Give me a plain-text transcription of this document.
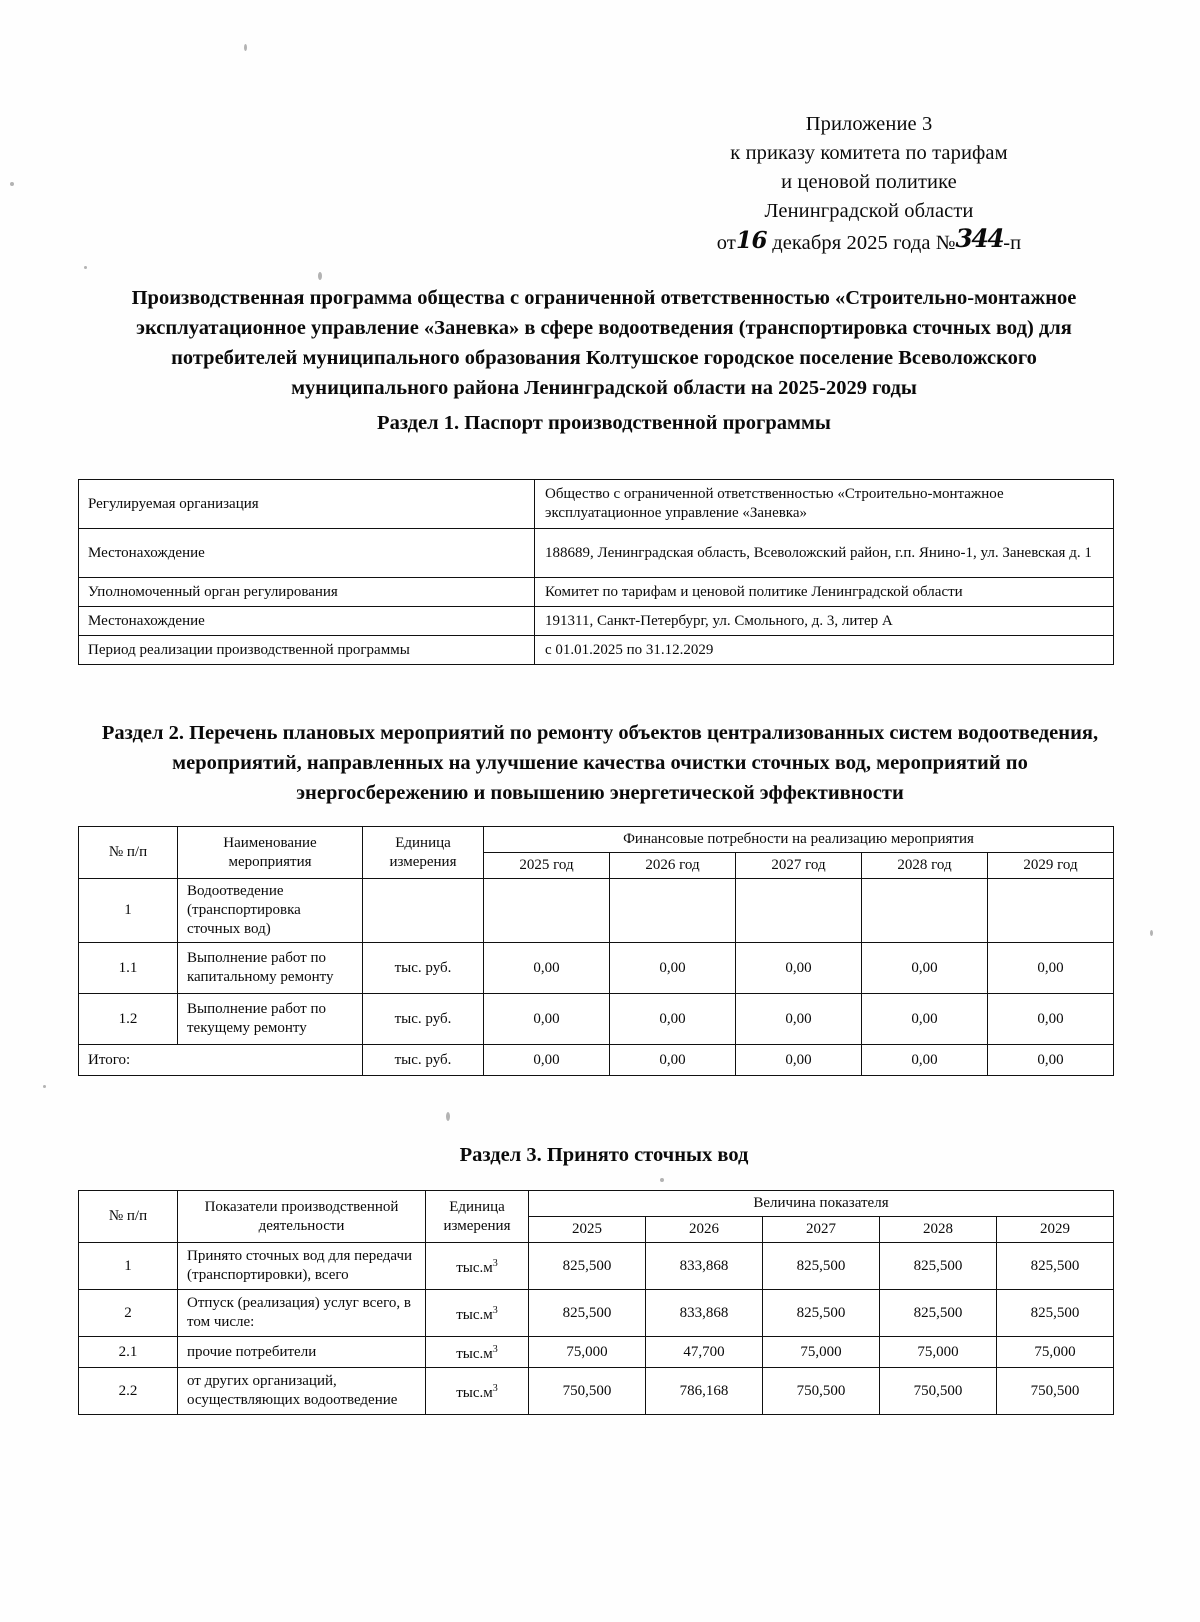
Приложение 3
к приказу комитета по тарифам
и ценовой политике
Ленинградской области
от16 декабря 2025 года №344-п
Производственная программа общества с ограниченной ответственностью «Строительно-монтажное эксплуатационное управление «Заневка» в сфере водоотведения (транспортировка сточных вод) для потребителей муниципального образования Колтушское городское поселение Всеволожского муниципального района Ленинградской области на 2025-2029 годы
Раздел 1. Паспорт производственной программы
Регулируемая организация	Общество с ограниченной ответственностью «Строительно-монтажное эксплуатационное управление «Заневка»
Местонахождение	188689, Ленинградская область, Всеволожский район, г.п. Янино-1, ул. Заневская д. 1
Уполномоченный орган регулирования	Комитет по тарифам и ценовой политике Ленинградской области
Местонахождение	191311, Санкт-Петербург, ул. Смольного, д. 3, литер А
Период реализации производственной программы	с 01.01.2025 по 31.12.2029
Раздел 2. Перечень плановых мероприятий по ремонту объектов централизованных систем водоотведения, мероприятий, направленных на улучшение качества очистки сточных вод, мероприятий по энергосбережению и повышению энергетической эффективности
№ п/п	Наименование мероприятия	Единица измерения	Финансовые потребности на реализацию мероприятия				
			2025 год	2026 год	2027 год	2028 год	2029 год
1	Водоотведение (транспортировка сточных вод)						
1.1	Выполнение работ по капитальному ремонту	тыс. руб.	0,00	0,00	0,00	0,00	0,00
1.2	Выполнение работ по текущему ремонту	тыс. руб.	0,00	0,00	0,00	0,00	0,00
Итого:		тыс. руб.	0,00	0,00	0,00	0,00	0,00
Раздел 3. Принято сточных вод
№ п/п	Показатели производственной деятельности	Единица измерения	Величина показателя				
			2025	2026	2027	2028	2029
1	Принято сточных вод для передачи (транспортировки), всего	$тыс.м^3$	825,500	833,868	825,500	825,500	825,500
2	Отпуск (реализация) услуг всего, в том числе:	$тыс.м^3$	825,500	833,868	825,500	825,500	825,500
2.1	прочие потребители	$тыс.м^3$	75,000	47,700	75,000	75,000	75,000
2.2	от других организаций, осуществляющих водоотведение	$тыс.м^3$	750,500	786,168	750,500	750,500	750,500
